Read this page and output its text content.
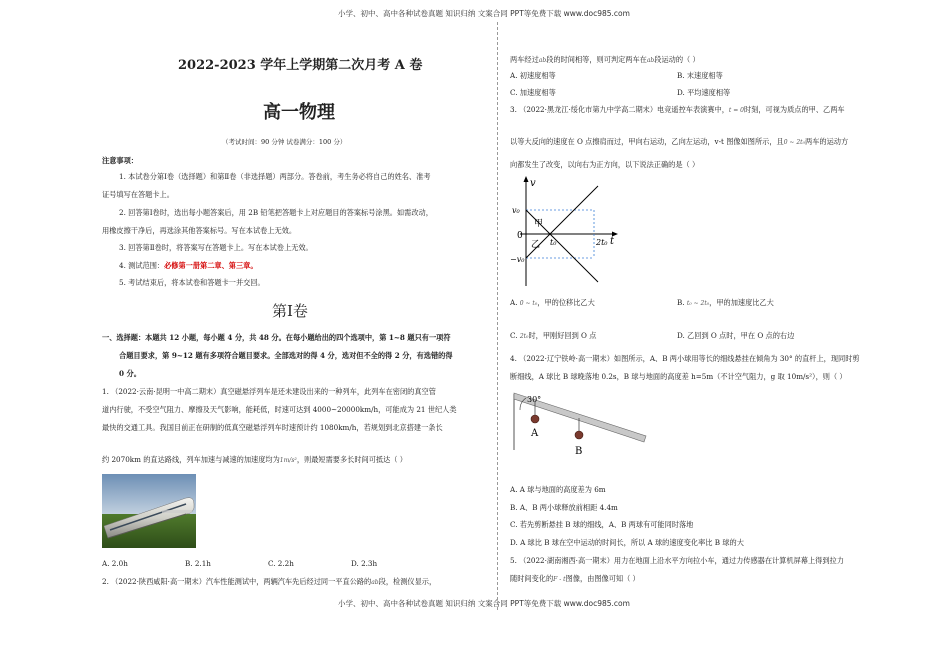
小学、初中、高中各种试卷真题 知识归纳 文案合同 PPT等免费下载 www.doc985.com
小学、初中、高中各种试卷真题 知识归纳 文案合同 PPT等免费下载 www.doc985.com
2022-2023 学年上学期第二次月考 A 卷
高一物理
（考试时间：90 分钟 试卷满分：100 分）
注意事项：
1. 本试卷分第Ⅰ卷（选择题）和第Ⅱ卷（非选择题）两部分。答卷前，考生务必将自己的姓名、准考
证号填写在答题卡上。
2. 回答第Ⅰ卷时，选出每小题答案后，用 2B 铅笔把答题卡上对应题目的答案标号涂黑。如需改动，
用橡皮擦干净后，再选涂其他答案标号。写在本试卷上无效。
3. 回答第Ⅱ卷时，将答案写在答题卡上。写在本试卷上无效。
4. 测试范围：必修第一册第二章、第三章。
5. 考试结束后，将本试卷和答题卡一并交回。
第Ⅰ卷
一、选择题：本题共 12 小题，每小题 4 分，共 48 分。在每小题给出的四个选项中，第 1~8 题只有一项符
合题目要求，第 9~12 题有多项符合题目要求。全部选对的得 4 分，选对但不全的得 2 分，有选错的得
0 分。
1. （2022·云南·昆明一中高二期末）真空磁悬浮列车是还未建设出来的一种列车，此列车在密闭的真空管
道内行驶，不受空气阻力、摩擦及天气影响，能耗低，时速可达到 4000~20000km/h，可能成为 21 世纪人类
最快的交通工具。我国目前正在研制的低真空磁悬浮列车时速预计约 1080km/h，若规划到北京搭建一条长
约 2070km 的直达路线，列车加速与减速的加速度均为1m/s²，则最短需要多长时间可抵达（ ）
A. 2.0h	B. 2.1h	C. 2.2h	D. 2.3h
2. （2022·陕西咸阳·高一期末）汽车性能测试中，两辆汽车先后经过同一平直公路的ab段，检测仪显示，
两车经过ab段的时间相等，则可判定两车在ab段运动的（ ）
A. 初速度相等	B. 末速度相等
C. 加速度相等	D. 平均速度相等
3. （2022·黑龙江·绥化市第九中学高二期末）电竞遥控车表演赛中，t = 0时刻，可视为质点的甲、乙两车
以等大反向的速度在 O 点擦肩而过，甲向右运动，乙向左运动，v-t 图像如图所示，且0 ~ 2t₀两车的运动方
向都发生了改变，以向右为正方向，以下说法正确的是（ ）
v
v₀
0
−v₀
甲
乙 t₀	2t₀ t
A. 0 ~ t₀，甲的位移比乙大	B. t₀ ~ 2t₀，甲的加速度比乙大
C. 2t₀时，甲刚好回到 O 点	D. 乙回到 O 点时，甲在 O 点的右边
4. （2022·辽宁铁岭·高一期末）如图所示，A、B 两小球用等长的细线悬挂在倾角为 30° 的直杆上，现同时剪
断细线，A 球比 B 球晚落地 0.2s，B 球与地面的高度差 h=5m（不计空气阻力，g 取 10m/s²），则（ ）
30°
A
B
A. A 球与地面的高度差为 6m
B. A、B 两小球释放前相距 4.4m
C. 若先剪断悬挂 B 球的细线，A、B 两球有可能同时落地
D. A 球比 B 球在空中运动的时间长，所以 A 球的速度变化率比 B 球的大
5. （2022·湖南湘西·高一期末）用力在地面上沿水平方向拉小车，通过力传感器在计算机屏幕上得到拉力
随时间变化的F - t图像，由图像可知（ ）
